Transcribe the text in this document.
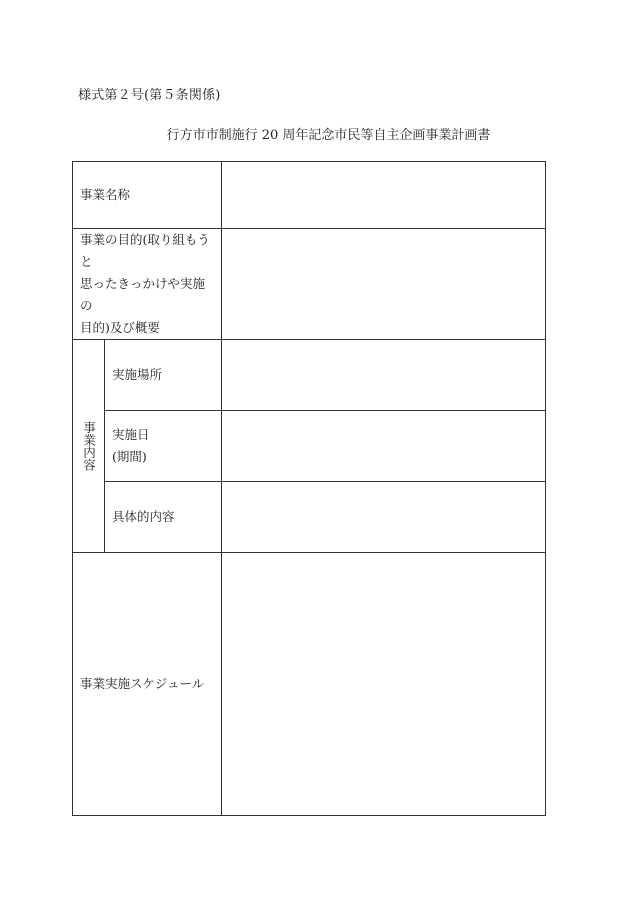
様式第２号(第５条関係)
行方市市制施行 20 周年記念市民等自主企画事業計画書
事業名称		

事業の目的(取り組もうと
思ったきっかけや実施の
目的)及び概要		

事業内容	実施場所	

	実施日
(期間)	

	具体的内容	
事業実施スケジュール		
